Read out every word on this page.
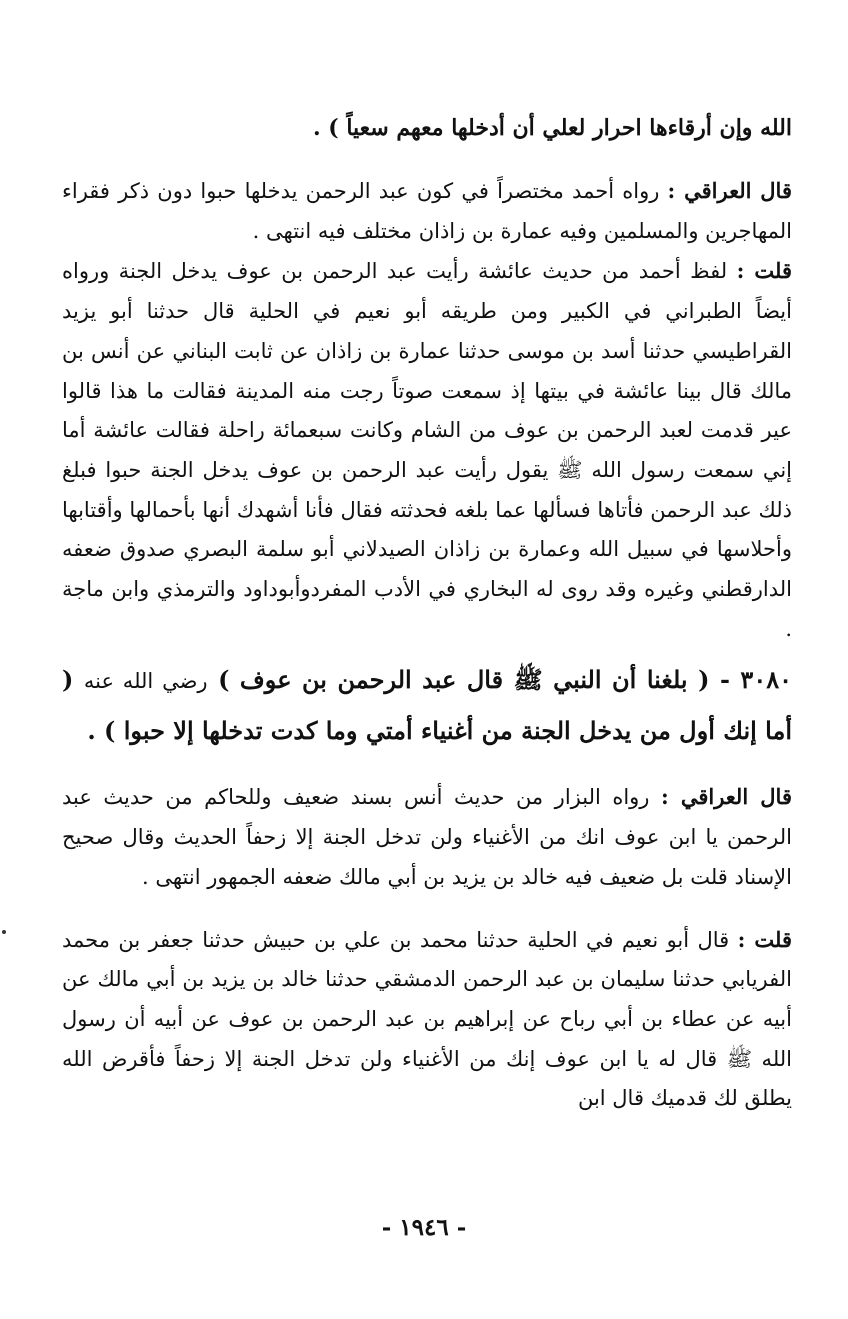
الله وإن أرقاءها احرار لعلي أن أدخلها معهم سعياً ) .

قال العراقي : رواه أحمد مختصراً في كون عبد الرحمن يدخلها حبوا دون ذكر فقراء المهاجرين والمسلمين وفيه عمارة بن زاذان مختلف فيه انتهى .

قلت : لفظ أحمد من حديث عائشة رأيت عبد الرحمن بن عوف يدخل الجنة ورواه أيضاً الطبراني في الكبير ومن طريقه أبو نعيم في الحلية قال حدثنا أبو يزيد القراطيسي حدثنا أسد بن موسى حدثنا عمارة بن زاذان عن ثابت البناني عن أنس بن مالك قال بينا عائشة في بيتها إذ سمعت صوتاً رجت منه المدينة فقالت ما هذا قالوا عير قدمت لعبد الرحمن بن عوف من الشام وكانت سبعمائة راحلة فقالت عائشة أما إني سمعت رسول الله ﷺ يقول رأيت عبد الرحمن بن عوف يدخل الجنة حبوا فبلغ ذلك عبد الرحمن فأتاها فسألها عما بلغه فحدثته فقال فأنا أشهدك أنها بأحمالها وأقتابها وأحلاسها في سبيل الله وعمارة بن زاذان الصيدلاني أبو سلمة البصري صدوق ضعفه الدارقطني وغيره وقد روى له البخاري في الأدب المفردوأبوداود والترمذي وابن ماجة .

٣٠٨٠ - ( بلغنا أن النبي ﷺ قال عبد الرحمن بن عوف ) رضي الله عنه ( أما إنك أول من يدخل الجنة من أغنياء أمتي وما كدت تدخلها إلا حبوا ) .

قال العراقي : رواه البزار من حديث أنس بسند ضعيف وللحاكم من حديث عبد الرحمن يا ابن عوف انك من الأغنياء ولن تدخل الجنة إلا زحفاً الحديث وقال صحيح الإسناد قلت بل ضعيف فيه خالد بن يزيد بن أبي مالك ضعفه الجمهور انتهى .

قلت : قال أبو نعيم في الحلية حدثنا محمد بن علي بن حبيش حدثنا جعفر بن محمد الفريابي حدثنا سليمان بن عبد الرحمن الدمشقي حدثنا خالد بن يزيد بن أبي مالك عن أبيه عن عطاء بن أبي رباح عن إبراهيم بن عبد الرحمن بن عوف عن أبيه أن رسول الله ﷺ قال له يا ابن عوف إنك من الأغنياء ولن تدخل الجنة إلا زحفاً فأقرض الله يطلق لك قدميك قال ابن

- ١٩٤٦ -
